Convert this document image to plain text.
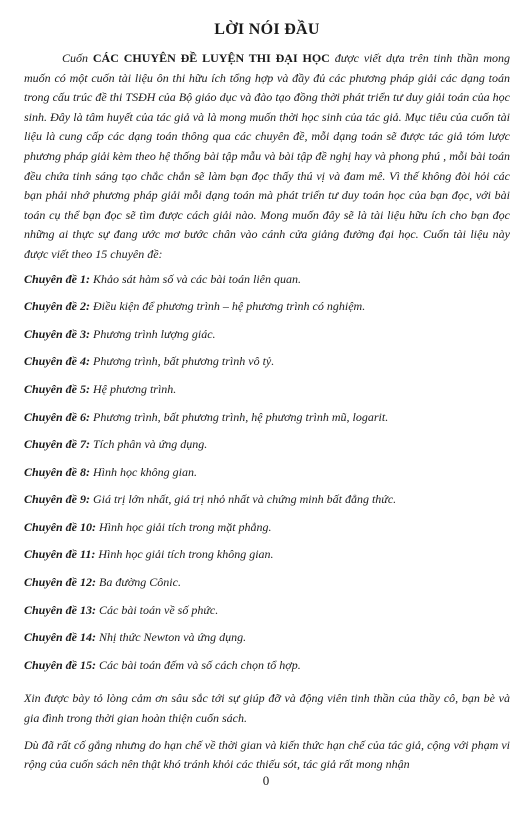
LỜI NÓI ĐẦU

Cuốn CÁC CHUYÊN ĐỀ LUYỆN THI ĐẠI HỌC được viết dựa trên tinh thần mong muốn có một cuốn tài liệu ôn thi hữu ích tổng hợp và đầy đủ các phương pháp giải các dạng toán trong cấu trúc đề thi TSĐH của Bộ giáo dục và đào tạo đồng thời phát triển tư duy giải toán của học sinh. Đây là tâm huyết của tác giả và là mong muốn thời học sinh của tác giả. Mục tiêu của cuốn tài liệu là cung cấp các dạng toán thông qua các chuyên đề, mỗi dạng toán sẽ được tác giả tóm lược phương pháp giải kèm theo hệ thống bài tập mẫu và bài tập đề nghị hay và phong phú , mỗi bài toán đều chứa tinh sáng tạo chắc chắn sẽ làm bạn đọc thấy thú vị và đam mê. Vì thế không đòi hỏi các bạn phải nhớ phương pháp giải mỗi dạng toán mà phát triển tư duy toán học của bạn đọc, với bài toán cụ thể bạn đọc sẽ tìm được cách giải nào. Mong muốn đây sẽ là tài liệu hữu ích cho bạn đọc những ai thực sự đang ước mơ bước chân vào cánh cửa giảng đường đại học. Cuốn tài liệu này được viết theo 15 chuyên đề:

Chuyên đề 1: Khảo sát hàm số và các bài toán liên quan.
Chuyên đề 2: Điều kiện để phương trình – hệ phương trình có nghiệm.
Chuyên đề 3: Phương trình lượng giác.
Chuyên đề 4: Phương trình, bất phương trình vô tỷ.
Chuyên đề 5: Hệ phương trình.
Chuyên đề 6: Phương trình, bất phương trình, hệ phương trình mũ, logarit.
Chuyên đề 7: Tích phân và ứng dụng.
Chuyên đề 8: Hình học không gian.
Chuyên đề 9: Giá trị lớn nhất, giá trị nhỏ nhất và chứng minh bất đẳng thức.
Chuyên đề 10: Hình học giải tích trong mặt phẳng.
Chuyên đề 11: Hình học giải tích trong không gian.
Chuyên đề 12: Ba đường Cônic.
Chuyên đề 13: Các bài toán về số phức.
Chuyên đề 14: Nhị thức Newton và ứng dụng.
Chuyên đề 15: Các bài toán đếm và số cách chọn tổ hợp.

Xin được bày tỏ lòng cảm ơn sâu sắc tới sự giúp đỡ và động viên tinh thần của thầy cô, bạn bè và gia đình trong thời gian hoàn thiện cuốn sách.

Dù đã rất cố gắng nhưng do hạn chế về thời gian và kiến thức hạn chế của tác giả, cộng với phạm vi rộng của cuốn sách nên thật khó tránh khỏi các thiếu sót, tác giả rất mong nhận

0
